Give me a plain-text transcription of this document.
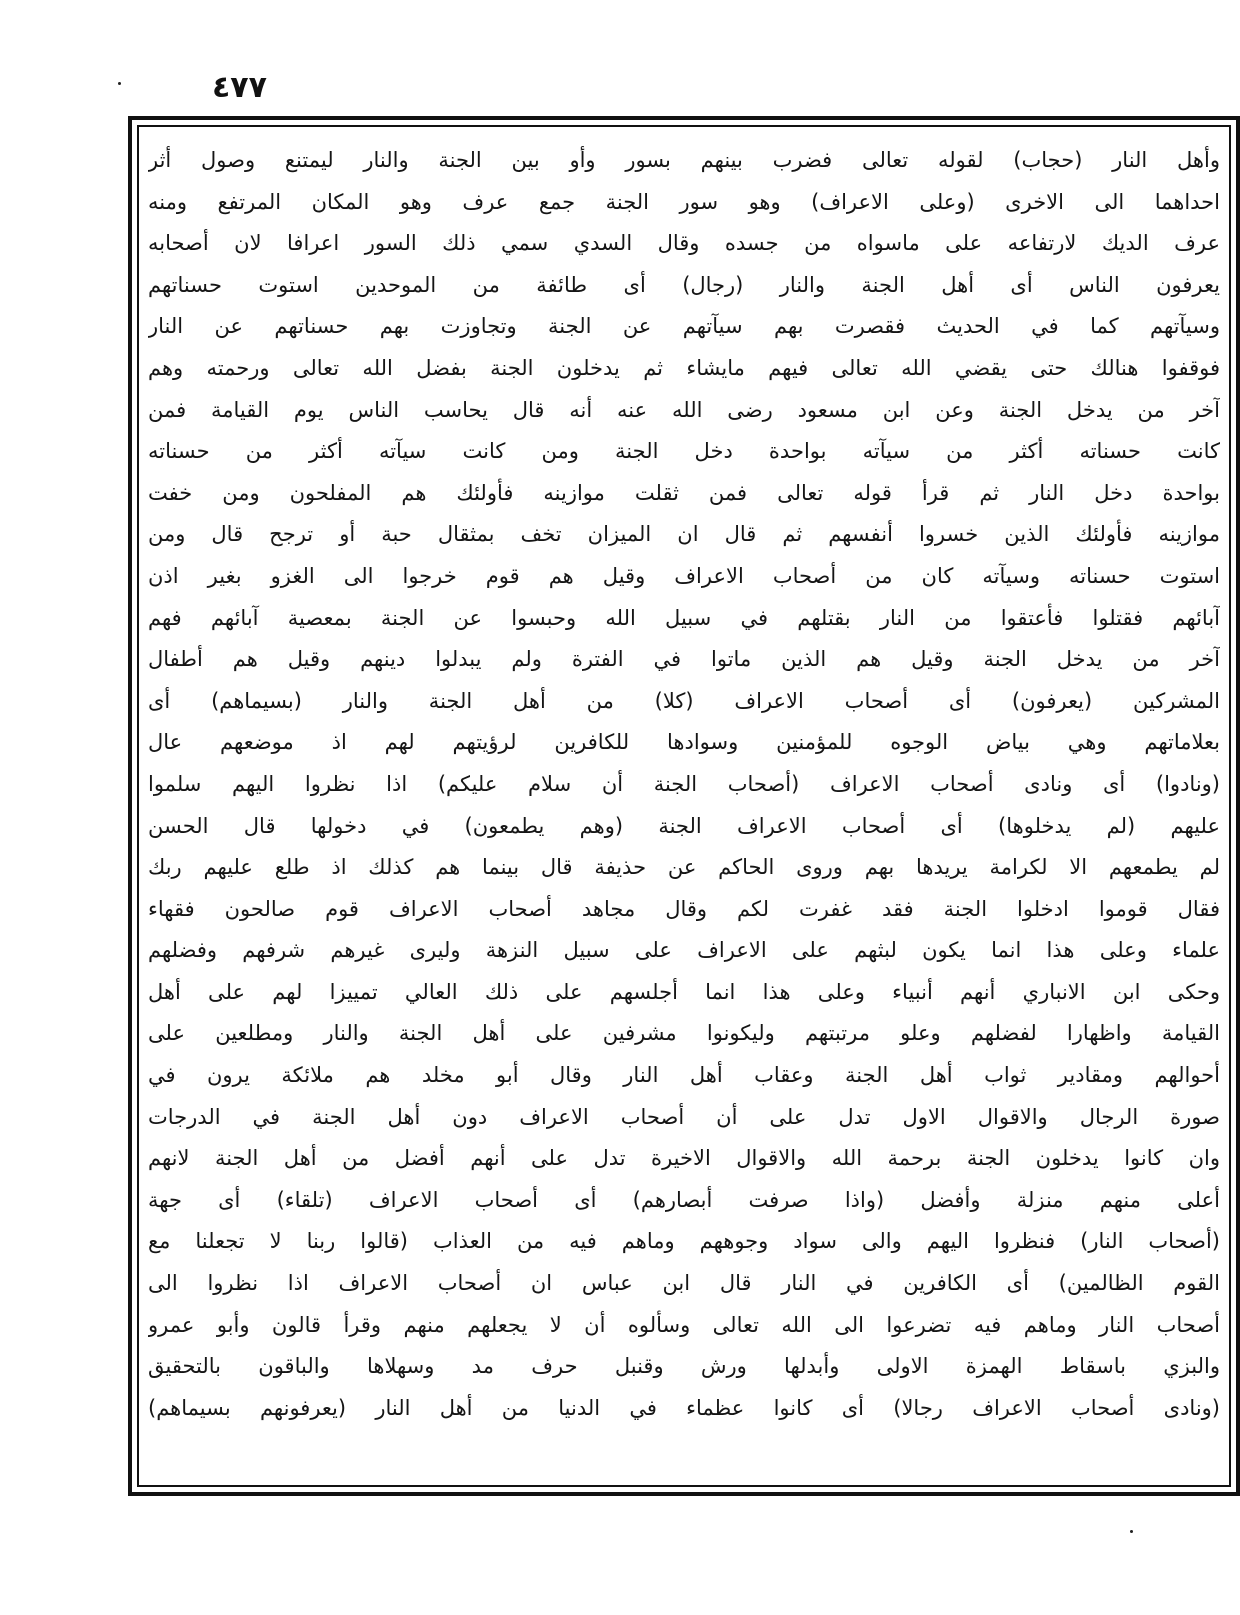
٤٧٧
وأهل النار (حجاب) لقوله تعالى فضرب بينهم بسور وأو بين الجنة والنار ليمتنع وصول أثر
احداهما الى الاخرى (وعلى الاعراف) وهو سور الجنة جمع عرف وهو المكان المرتفع ومنه
عرف الديك لارتفاعه على ماسواه من جسده وقال السدي سمي ذلك السور اعرافا لان أصحابه
يعرفون الناس أى أهل الجنة والنار (رجال) أى طائفة من الموحدين استوت حسناتهم
وسيآتهم كما في الحديث فقصرت بهم سيآتهم عن الجنة وتجاوزت بهم حسناتهم عن النار
فوقفوا هنالك حتى يقضي الله تعالى فيهم مايشاء ثم يدخلون الجنة بفضل الله تعالى ورحمته وهم
آخر من يدخل الجنة وعن ابن مسعود رضى الله عنه أنه قال يحاسب الناس يوم القيامة فمن
كانت حسناته أكثر من سيآته بواحدة دخل الجنة ومن كانت سيآته أكثر من حسناته
بواحدة دخل النار ثم قرأ قوله تعالى فمن ثقلت موازينه فأولئك هم المفلحون ومن خفت
موازينه فأولئك الذين خسروا أنفسهم ثم قال ان الميزان تخف بمثقال حبة أو ترجح قال ومن
استوت حسناته وسيآته كان من أصحاب الاعراف وقيل هم قوم خرجوا الى الغزو بغير اذن
آبائهم فقتلوا فأعتقوا من النار بقتلهم في سبيل الله وحبسوا عن الجنة بمعصية آبائهم فهم
آخر من يدخل الجنة وقيل هم الذين ماتوا في الفترة ولم يبدلوا دينهم وقيل هم أطفال
المشركين (يعرفون) أى أصحاب الاعراف (كلا) من أهل الجنة والنار (بسيماهم) أى
بعلاماتهم وهي بياض الوجوه للمؤمنين وسوادها للكافرين لرؤيتهم لهم اذ موضعهم عال
(ونادوا) أى ونادى أصحاب الاعراف (أصحاب الجنة أن سلام عليكم) اذا نظروا اليهم سلموا
عليهم (لم يدخلوها) أى أصحاب الاعراف الجنة (وهم يطمعون) في دخولها قال الحسن
لم يطمعهم الا لكرامة يريدها بهم وروى الحاكم عن حذيفة قال بينما هم كذلك اذ طلع عليهم ربك
فقال قوموا ادخلوا الجنة فقد غفرت لكم وقال مجاهد أصحاب الاعراف قوم صالحون فقهاء
علماء وعلى هذا انما يكون لبثهم على الاعراف على سبيل النزهة وليرى غيرهم شرفهم وفضلهم
وحكى ابن الانباري أنهم أنبياء وعلى هذا انما أجلسهم على ذلك العالي تمييزا لهم على أهل
القيامة واظهارا لفضلهم وعلو مرتبتهم وليكونوا مشرفين على أهل الجنة والنار ومطلعين على
أحوالهم ومقادير ثواب أهل الجنة وعقاب أهل النار وقال أبو مخلد هم ملائكة يرون في
صورة الرجال والاقوال الاول تدل على أن أصحاب الاعراف دون أهل الجنة في الدرجات
وان كانوا يدخلون الجنة برحمة الله والاقوال الاخيرة تدل على أنهم أفضل من أهل الجنة لانهم
أعلى منهم منزلة وأفضل (واذا صرفت أبصارهم) أى أصحاب الاعراف (تلقاء) أى جهة
(أصحاب النار) فنظروا اليهم والى سواد وجوههم وماهم فيه من العذاب (قالوا ربنا لا تجعلنا مع
القوم الظالمين) أى الكافرين في النار قال ابن عباس ان أصحاب الاعراف اذا نظروا الى
أصحاب النار وماهم فيه تضرعوا الى الله تعالى وسألوه أن لا يجعلهم منهم وقرأ قالون وأبو عمرو
والبزي باسقاط الهمزة الاولى وأبدلها ورش وقنبل حرف مد وسهلاها والباقون بالتحقيق
(ونادى أصحاب الاعراف رجالا) أى كانوا عظماء في الدنيا من أهل النار (يعرفونهم بسيماهم)
